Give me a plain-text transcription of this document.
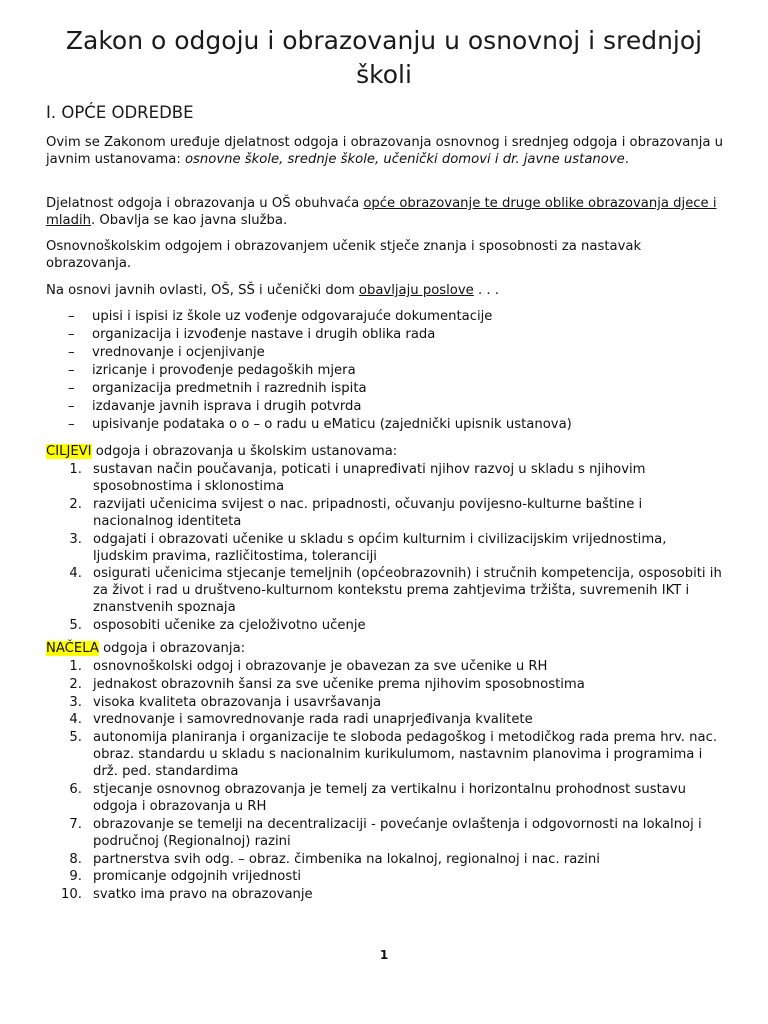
Zakon o odgoju i obrazovanju u osnovnoj i srednjoj školi
I. OPĆE ODREDBE

Ovim se Zakonom uređuje djelatnost odgoja i obrazovanja osnovnog i srednjeg odgoja i obrazovanja u javnim ustanovama: osnovne škole, srednje škole, učenički domovi i dr. javne ustanove.

Djelatnost odgoja i obrazovanja u OŠ obuhvaća opće obrazovanje te druge oblike obrazovanja djece i mladih. Obavlja se kao javna služba.

Osnovnoškolskim odgojem i obrazovanjem učenik stječe znanja i sposobnosti za nastavak obrazovanja.

Na osnovi javnih ovlasti, OŠ, SŠ i učenički dom obavljaju poslove . . .

– upisi i ispisi iz škole uz vođenje odgovarajuće dokumentacije
– organizacija i izvođenje nastave i drugih oblika rada
– vrednovanje i ocjenjivanje
– izricanje i provođenje pedagoških mjera
– organizacija predmetnih i razrednih ispita
– izdavanje javnih isprava i drugih potvrda
– upisivanje podataka o o – o radu u eMaticu (zajednički upisnik ustanova)

CILJEVI odgoja i obrazovanja u školskim ustanovama:

1. sustavan način poučavanja, poticati i unapređivati njihov razvoj u skladu s njihovim sposobnostima i sklonostima
2. razvijati učenicima svijest o nac. pripadnosti, očuvanju povijesno-kulturne baštine i nacionalnog identiteta
3. odgajati i obrazovati učenike u skladu s općim kulturnim i civilizacijskim vrijednostima, ljudskim pravima, različitostima, toleranciji
4. osigurati učenicima stjecanje temeljnih (općeobrazovnih) i stručnih kompetencija, osposobiti ih za život i rad u društveno-kulturnom kontekstu prema zahtjevima tržišta, suvremenih IKT i znanstvenih spoznaja
5. osposobiti učenike za cjeloživotno učenje

NAČELA odgoja i obrazovanja:

1. osnovnoškolski odgoj i obrazovanje je obavezan za sve učenike u RH
2. jednakost obrazovnih šansi za sve učenike prema njihovim sposobnostima
3. visoka kvaliteta obrazovanja i usavršavanja
4. vrednovanje i samovrednovanje rada radi unaprjeđivanja kvalitete
5. autonomija planiranja i organizacije te sloboda pedagoškog i metodičkog rada prema hrv. nac. obraz. standardu u skladu s nacionalnim kurikulumom, nastavnim planovima i programima i drž. ped. standardima
6. stjecanje osnovnog obrazovanja je temelj za vertikalnu i horizontalnu prohodnost sustavu odgoja i obrazovanja u RH
7. obrazovanje se temelji na decentralizaciji - povećanje ovlaštenja i odgovornosti na lokalnoj i područnoj (Regionalnoj) razini
8. partnerstva svih odg. – obraz. čimbenika na lokalnoj, regionalnoj i nac. razini
9. promicanje odgojnih vrijednosti
10. svatko ima pravo na obrazovanje
1
